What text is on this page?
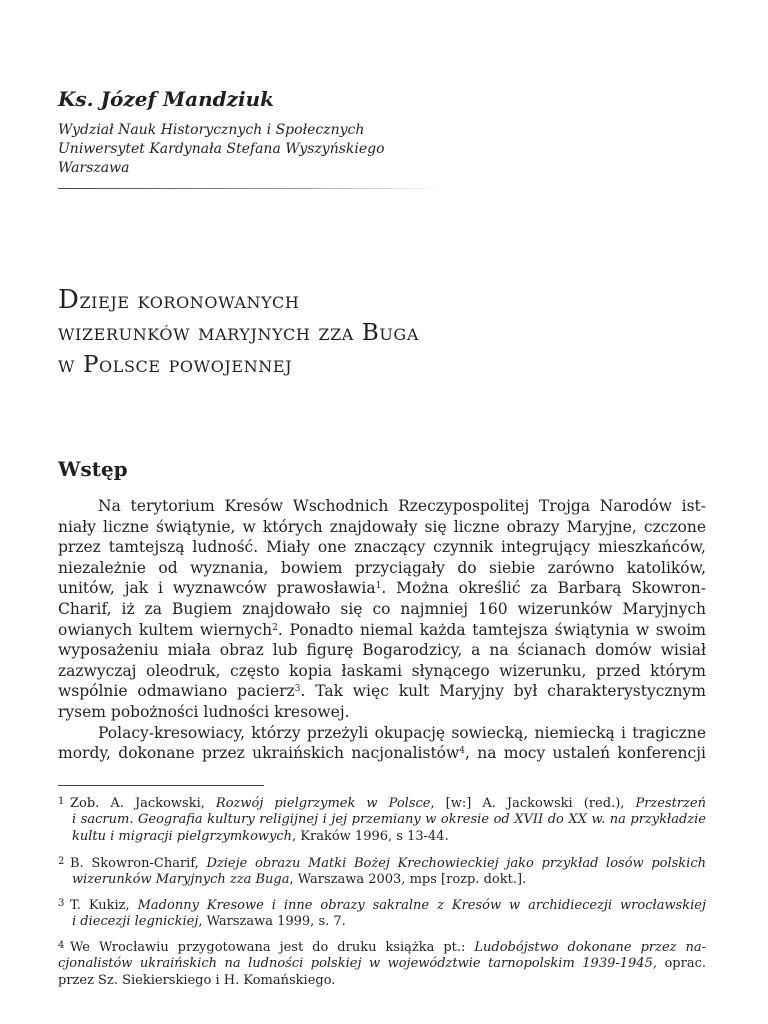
Ks. Józef Mandziuk
Wydział Nauk Historycznych i Społecznych
Uniwersytet Kardynała Stefana Wyszyńskiego
Warszawa
Dzieje koronowanych
wizerunków maryjnych zza Buga
w Polsce powojennej
Wstęp
Na terytorium Kresów Wschodnich Rzeczypospolitej Trojga Narodów ist-
niały liczne świątynie, w których znajdowały się liczne obrazy Maryjne, czczone
przez tamtejszą ludność. Miały one znaczący czynnik integrujący mieszkańców,
niezależnie od wyznania, bowiem przyciągały do siebie zarówno katolików,
unitów, jak i wyznawców prawosławia$^1$. Można określić za Barbarą Skowron-
Charif, iż za Bugiem znajdowało się co najmniej 160 wizerunków Maryjnych
owianych kultem wiernych$^2$. Ponadto niemal każda tamtejsza świątynia w swoim
wyposażeniu miała obraz lub figurę Bogarodzicy, a na ścianach domów wisiał
zazwyczaj oleodruk, często kopia łaskami słynącego wizerunku, przed którym
wspólnie odmawiano pacierz$^3$. Tak więc kult Maryjny był charakterystycznym
rysem pobożności ludności kresowej.
Polacy-kresowiacy, którzy przeżyli okupację sowiecką, niemiecką i tragiczne
mordy, dokonane przez ukraińskich nacjonalistów$^4$, na mocy ustaleń konferencji
1 Zob. A. Jackowski, Rozwój pielgrzymek w Polsce, [w:] A. Jackowski (red.), Przestrzeń
i sacrum. Geografia kultury religijnej i jej przemiany w okresie od XVII do XX w. na przykładzie
kultu i migracji pielgrzymkowych, Kraków 1996, s 13-44.
2 B. Skowron-Charif, Dzieje obrazu Matki Bożej Krechowieckiej jako przykład losów polskich
wizerunków Maryjnych zza Buga, Warszawa 2003, mps [rozp. dokt.].
3 T. Kukiz, Madonny Kresowe i inne obrazy sakralne z Kresów w archidiecezji wrocławskiej
i diecezji legnickiej, Warszawa 1999, s. 7.
4 We Wrocławiu przygotowana jest do druku książka pt.: Ludobójstwo dokonane przez na-
cjonalistów ukraińskich na ludności polskiej w województwie tarnopolskim 1939-1945, oprac.
przez Sz. Siekierskiego i H. Komańskiego.
